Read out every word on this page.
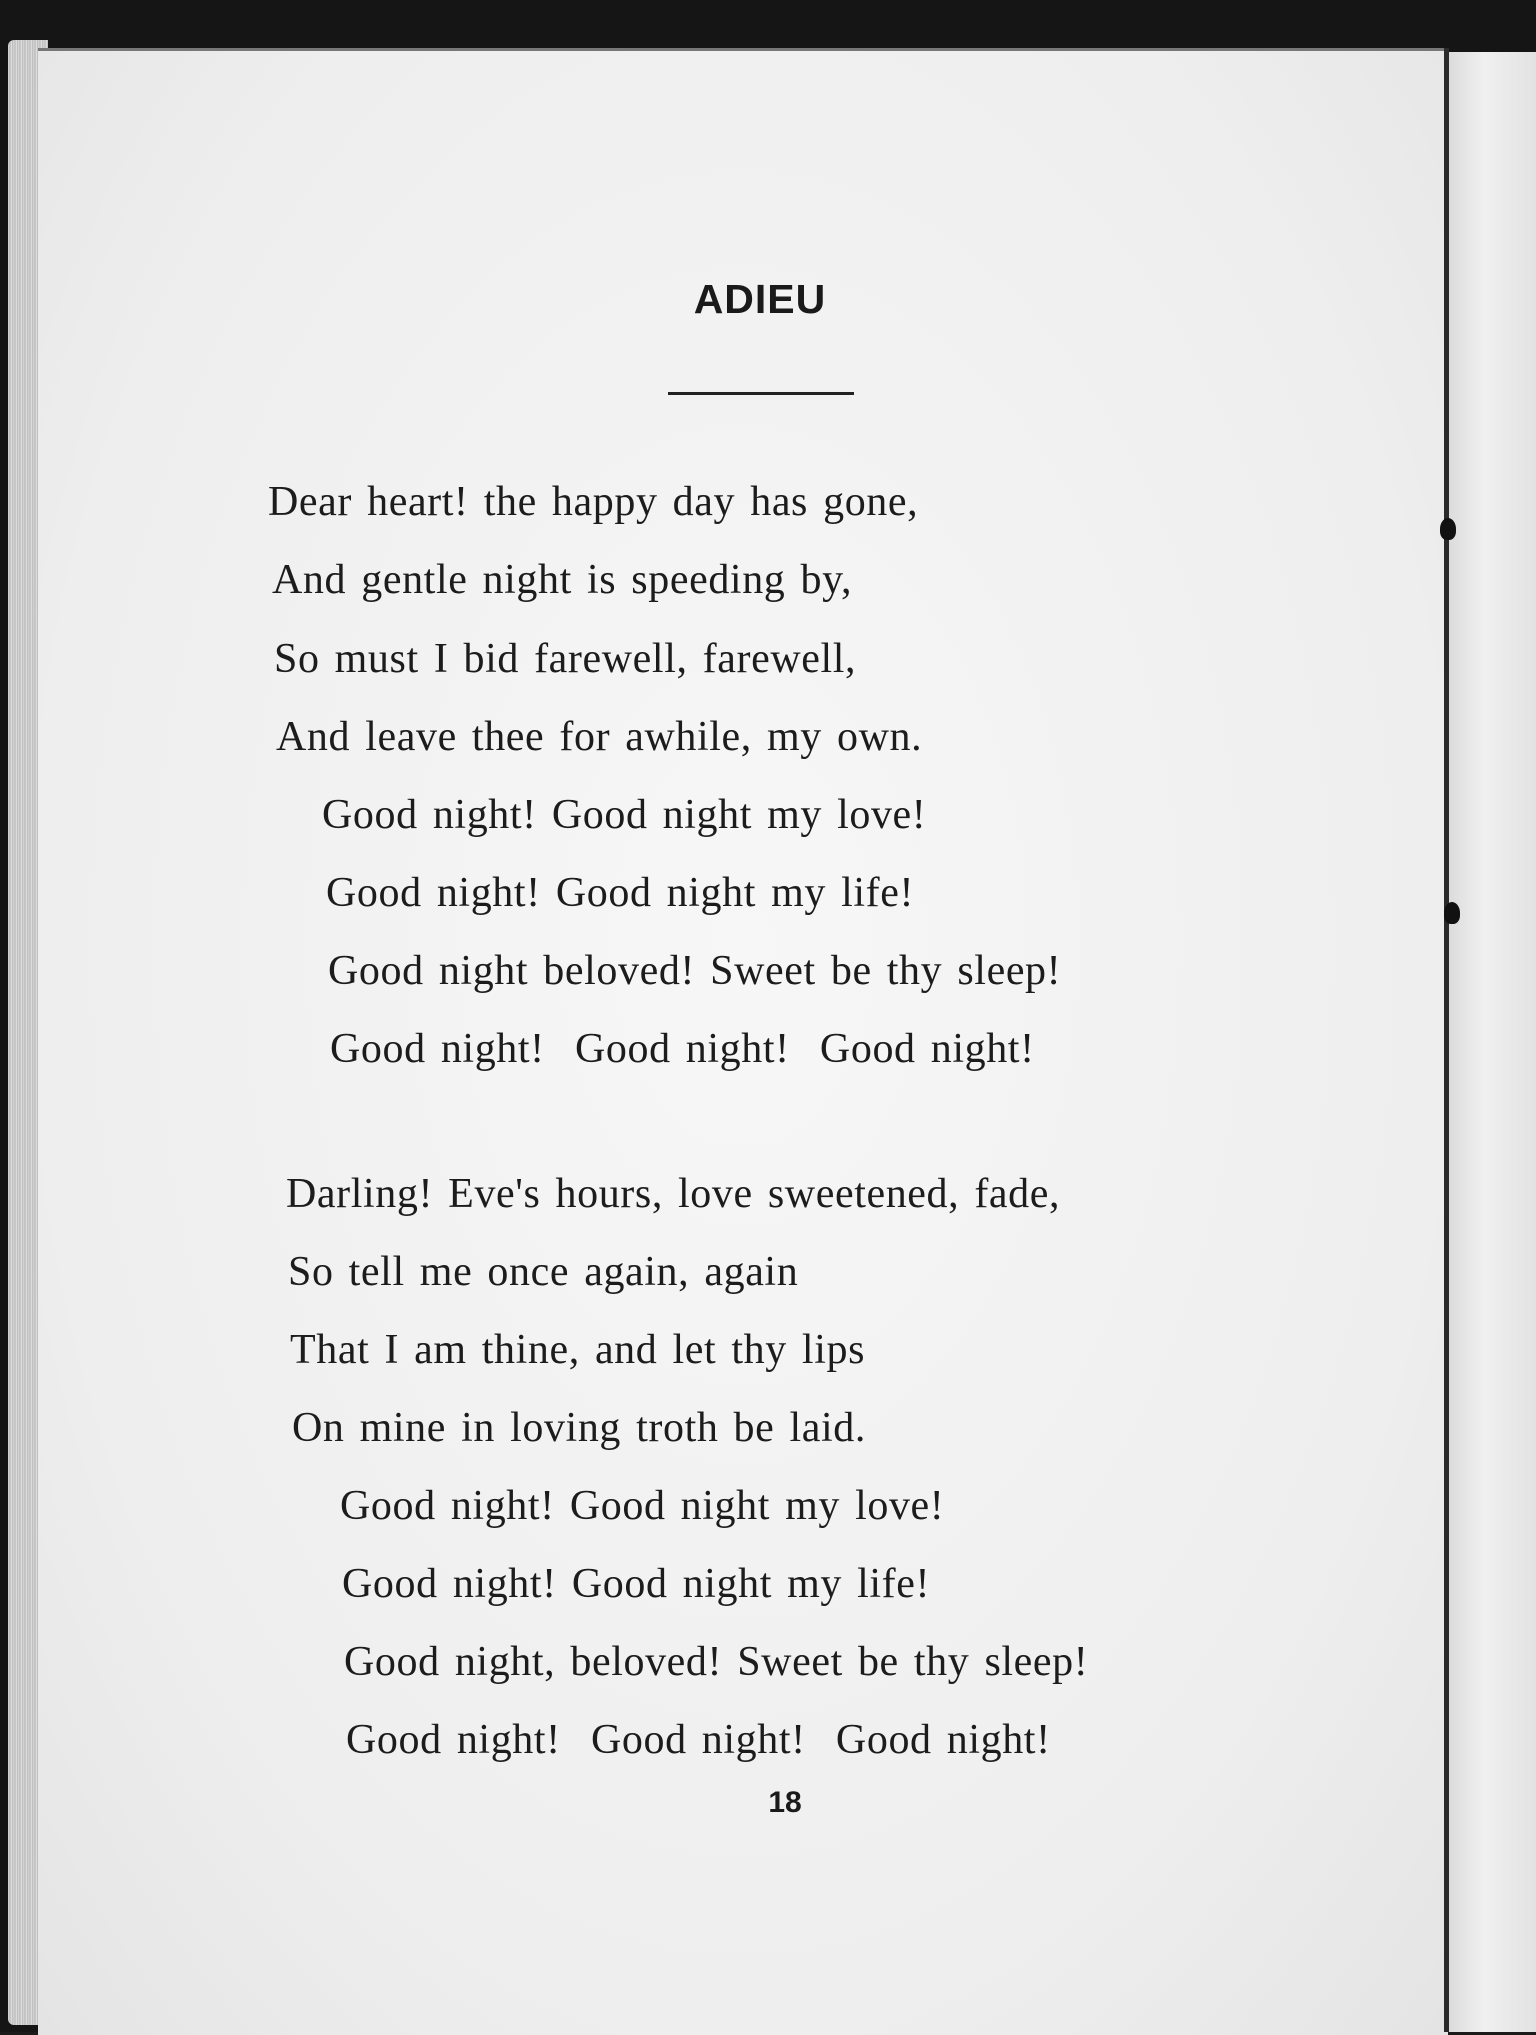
ADIEU
Dear heart! the happy day has gone,
And gentle night is speeding by,
So must I bid farewell, farewell,
And leave thee for awhile, my own.
Good night! Good night my love!
Good night! Good night my life!
Good night beloved! Sweet be thy sleep!
Good night!  Good night!  Good night!
Darling! Eve's hours, love sweetened, fade,
So tell me once again, again
That I am thine, and let thy lips
On mine in loving troth be laid.
Good night! Good night my love!
Good night! Good night my life!
Good night, beloved! Sweet be thy sleep!
Good night!  Good night!  Good night!
18
